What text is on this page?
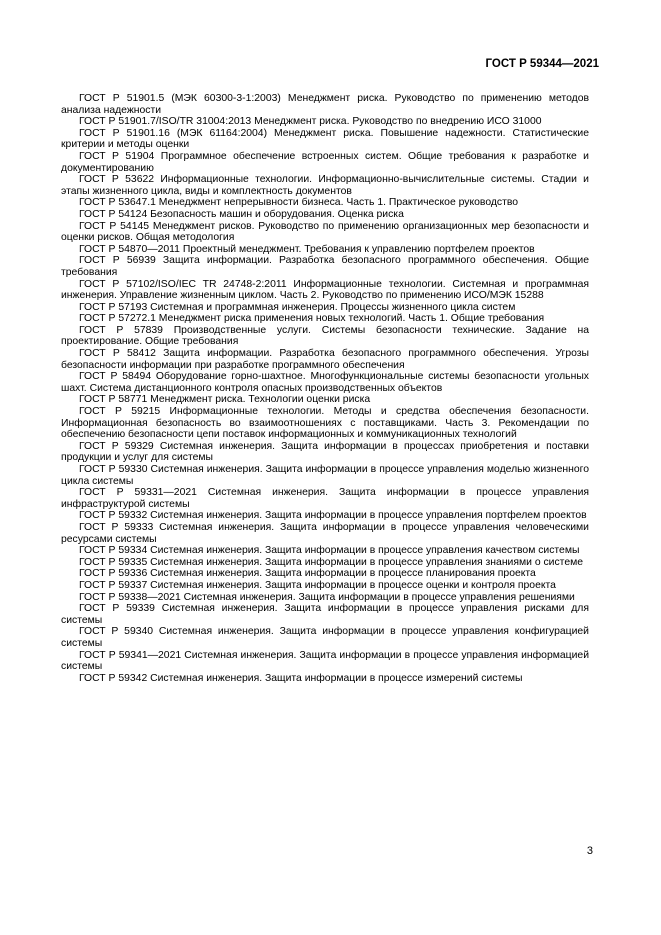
ГОСТ Р 59344—2021

ГОСТ Р 51901.5 (МЭК 60300-3-1:2003) Менеджмент риска. Руководство по применению методов анализа надежности

ГОСТ Р 51901.7/ISO/TR 31004:2013 Менеджмент риска. Руководство по внедрению ИСО 31000

ГОСТ Р 51901.16 (МЭК 61164:2004) Менеджмент риска. Повышение надежности. Статистические критерии и методы оценки

ГОСТ Р 51904 Программное обеспечение встроенных систем. Общие требования к разработке и документированию

ГОСТ Р 53622 Информационные технологии. Информационно-вычислительные системы. Стадии и этапы жизненного цикла, виды и комплектность документов

ГОСТ Р 53647.1 Менеджмент непрерывности бизнеса. Часть 1. Практическое руководство

ГОСТ Р 54124 Безопасность машин и оборудования. Оценка риска

ГОСТ Р 54145 Менеджмент рисков. Руководство по применению организационных мер безопасности и оценки рисков. Общая методология

ГОСТ Р 54870—2011 Проектный менеджмент. Требования к управлению портфелем проектов

ГОСТ Р 56939 Защита информации. Разработка безопасного программного обеспечения. Общие требования

ГОСТ Р 57102/ISO/IEC TR 24748-2:2011 Информационные технологии. Системная и программная инженерия. Управление жизненным циклом. Часть 2. Руководство по применению ИСО/МЭК 15288

ГОСТ Р 57193 Системная и программная инженерия. Процессы жизненного цикла систем

ГОСТ Р 57272.1 Менеджмент риска применения новых технологий. Часть 1. Общие требования

ГОСТ Р 57839 Производственные услуги. Системы безопасности технические. Задание на проектирование. Общие требования

ГОСТ Р 58412 Защита информации. Разработка безопасного программного обеспечения. Угрозы безопасности информации при разработке программного обеспечения

ГОСТ Р 58494 Оборудование горно-шахтное. Многофункциональные системы безопасности угольных шахт. Система дистанционного контроля опасных производственных объектов

ГОСТ Р 58771 Менеджмент риска. Технологии оценки риска

ГОСТ Р 59215 Информационные технологии. Методы и средства обеспечения безопасности. Информационная безопасность во взаимоотношениях с поставщиками. Часть 3. Рекомендации по обеспечению безопасности цепи поставок информационных и коммуникационных технологий

ГОСТ Р 59329 Системная инженерия. Защита информации в процессах приобретения и поставки продукции и услуг для системы

ГОСТ Р 59330 Системная инженерия. Защита информации в процессе управления моделью жизненного цикла системы

ГОСТ Р 59331—2021 Системная инженерия. Защита информации в процессе управления инфраструктурой системы

ГОСТ Р 59332 Системная инженерия. Защита информации в процессе управления портфелем проектов

ГОСТ Р 59333 Системная инженерия. Защита информации в процессе управления человеческими ресурсами системы

ГОСТ Р 59334 Системная инженерия. Защита информации в процессе управления качеством системы

ГОСТ Р 59335 Системная инженерия. Защита информации в процессе управления знаниями о системе

ГОСТ Р 59336 Системная инженерия. Защита информации в процессе планирования проекта

ГОСТ Р 59337 Системная инженерия. Защита информации в процессе оценки и контроля проекта

ГОСТ Р 59338—2021 Системная инженерия. Защита информации в процессе управления решениями

ГОСТ Р 59339 Системная инженерия. Защита информации в процессе управления рисками для системы

ГОСТ Р 59340 Системная инженерия. Защита информации в процессе управления конфигурацией системы

ГОСТ Р 59341—2021 Системная инженерия. Защита информации в процессе управления информацией системы

ГОСТ Р 59342 Системная инженерия. Защита информации в процессе измерений системы

3
